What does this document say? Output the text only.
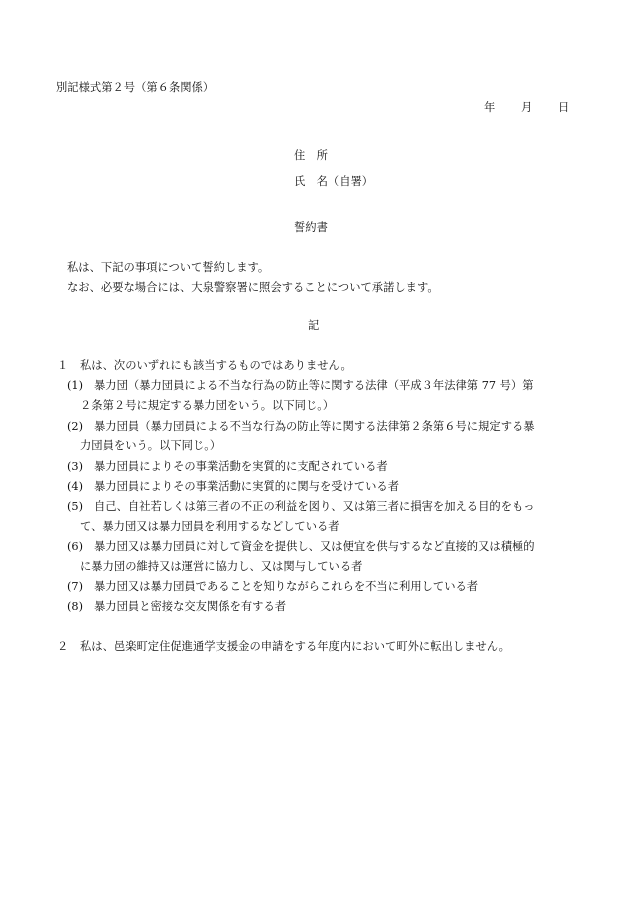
別記様式第２号（第６条関係）
年 月 日
住　所
氏　名（自署）
誓約書
私は、下記の事項について誓約します。
なお、必要な場合には、大泉警察署に照会することについて承諾します。
記
１ 私は、次のいずれにも該当するものではありません。
(1) 暴力団（暴力団員による不当な行為の防止等に関する法律（平成３年法律第 77 号）第
２条第２号に規定する暴力団をいう。以下同じ。）
(2) 暴力団員（暴力団員による不当な行為の防止等に関する法律第２条第６号に規定する暴
力団員をいう。以下同じ。）
(3) 暴力団員によりその事業活動を実質的に支配されている者
(4) 暴力団員によりその事業活動に実質的に関与を受けている者
(5) 自己、自社若しくは第三者の不正の利益を図り、又は第三者に損害を加える目的をもっ
て、暴力団又は暴力団員を利用するなどしている者
(6) 暴力団又は暴力団員に対して資金を提供し、又は便宜を供与するなど直接的又は積極的
に暴力団の維持又は運営に協力し、又は関与している者
(7) 暴力団又は暴力団員であることを知りながらこれらを不当に利用している者
(8) 暴力団員と密接な交友関係を有する者
２ 私は、邑楽町定住促進通学支援金の申請をする年度内において町外に転出しません。
